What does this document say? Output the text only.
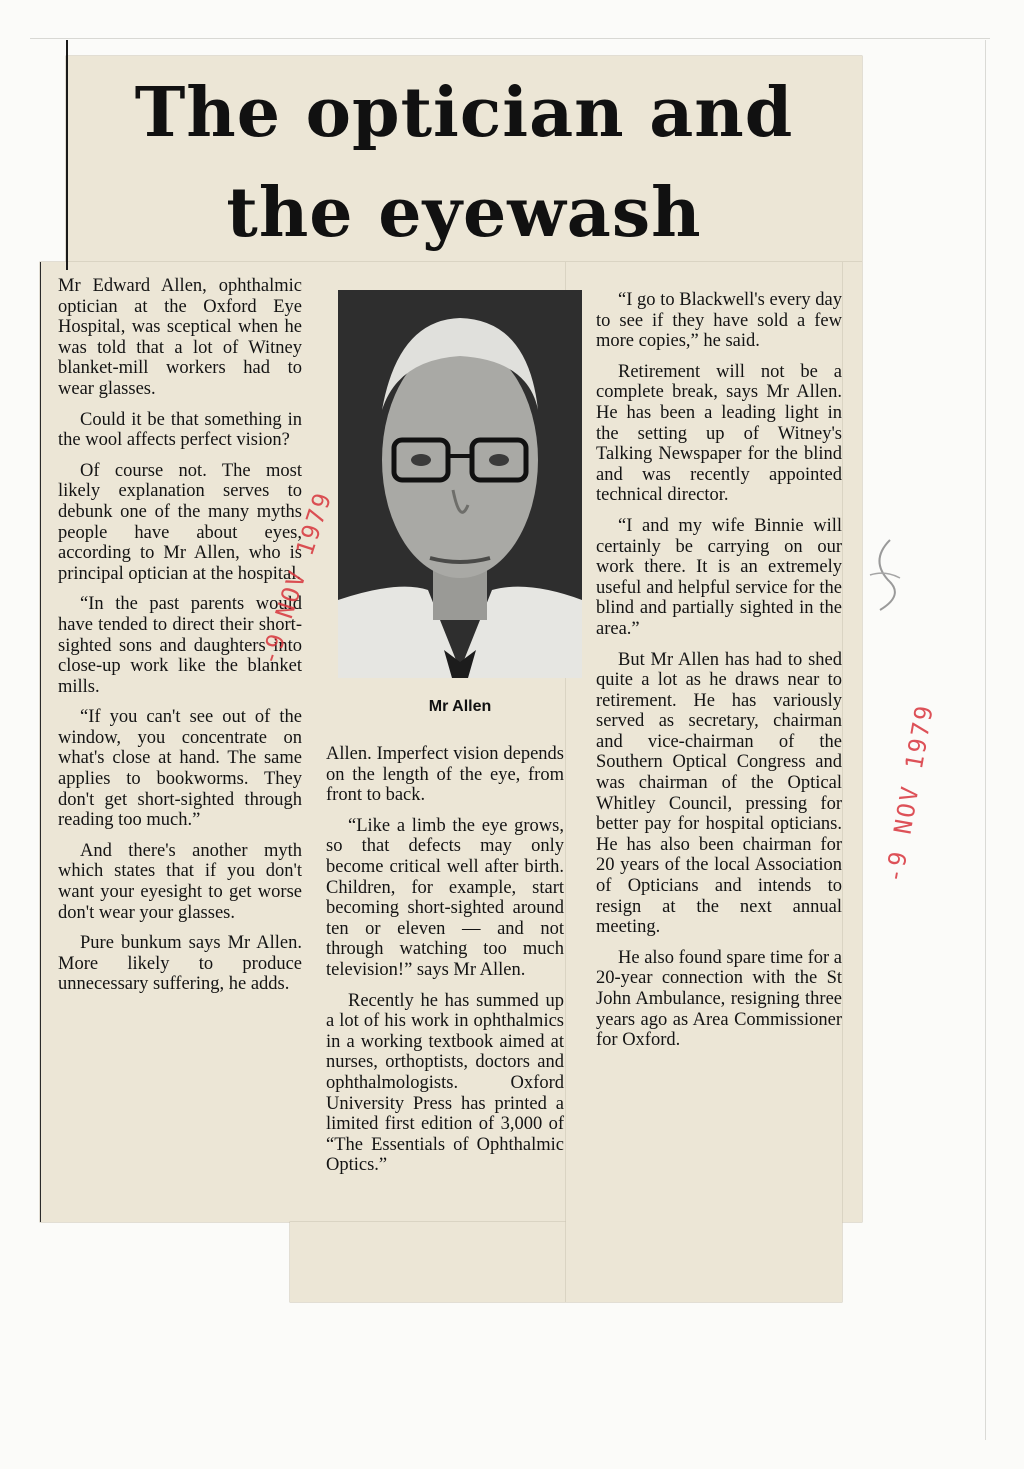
The optician and
the eyewash

Mr Edward Allen, ophthalmic optician at the Oxford Eye Hospital, was sceptical when he was told that a lot of Witney blanket-mill workers had to wear glasses.

Could it be that something in the wool affects perfect vision?

Of course not. The most likely explanation serves to debunk one of the many myths people have about eyes, according to Mr Allen, who is principal optician at the hospital.

“In the past parents would have tended to direct their short-sighted sons and daughters into close-up work like the blanket mills.

“If you can't see out of the window, you concentrate on what's close at hand. The same applies to bookworms. They don't get short-sighted through reading too much.”

And there's another myth which states that if you don't want your eyesight to get worse don't wear your glasses.

Pure bunkum says Mr Allen. More likely to produce unnecessary suffering, he adds.

Mr Allen

Allen. Imperfect vision depends on the length of the eye, from front to back.

“Like a limb the eye grows, so that defects may only become critical well after birth. Children, for example, start becoming short-sighted around ten or eleven — and not through watching too much television!” says Mr Allen.

Recently he has summed up a lot of his work in ophthalmics in a working textbook aimed at nurses, orthoptists, doctors and ophthalmologists. Oxford University Press has printed a limited first edition of 3,000 of “The Essentials of Ophthalmic Optics.”

“I go to Blackwell's every day to see if they have sold a few more copies,” he said.

Retirement will not be a complete break, says Mr Allen. He has been a leading light in the setting up of Witney's Talking Newspaper for the blind and was recently appointed technical director.

“I and my wife Binnie will certainly be carrying on our work there. It is an extremely useful and helpful service for the blind and partially sighted in the area.”

But Mr Allen has had to shed quite a lot as he draws near to retirement. He has variously served as secretary, chairman and vice-chairman of the Southern Optical Congress and was chairman of the Optical Whitley Council, pressing for better pay for hospital opticians. He has also been chairman for 20 years of the local Association of Opticians and intends to resign at the next annual meeting.

He also found spare time for a 20-year connection with the St John Ambulance, resigning three years ago as Area Commissioner for Oxford.

-9 NOV 1979
-9 NOV 1979
